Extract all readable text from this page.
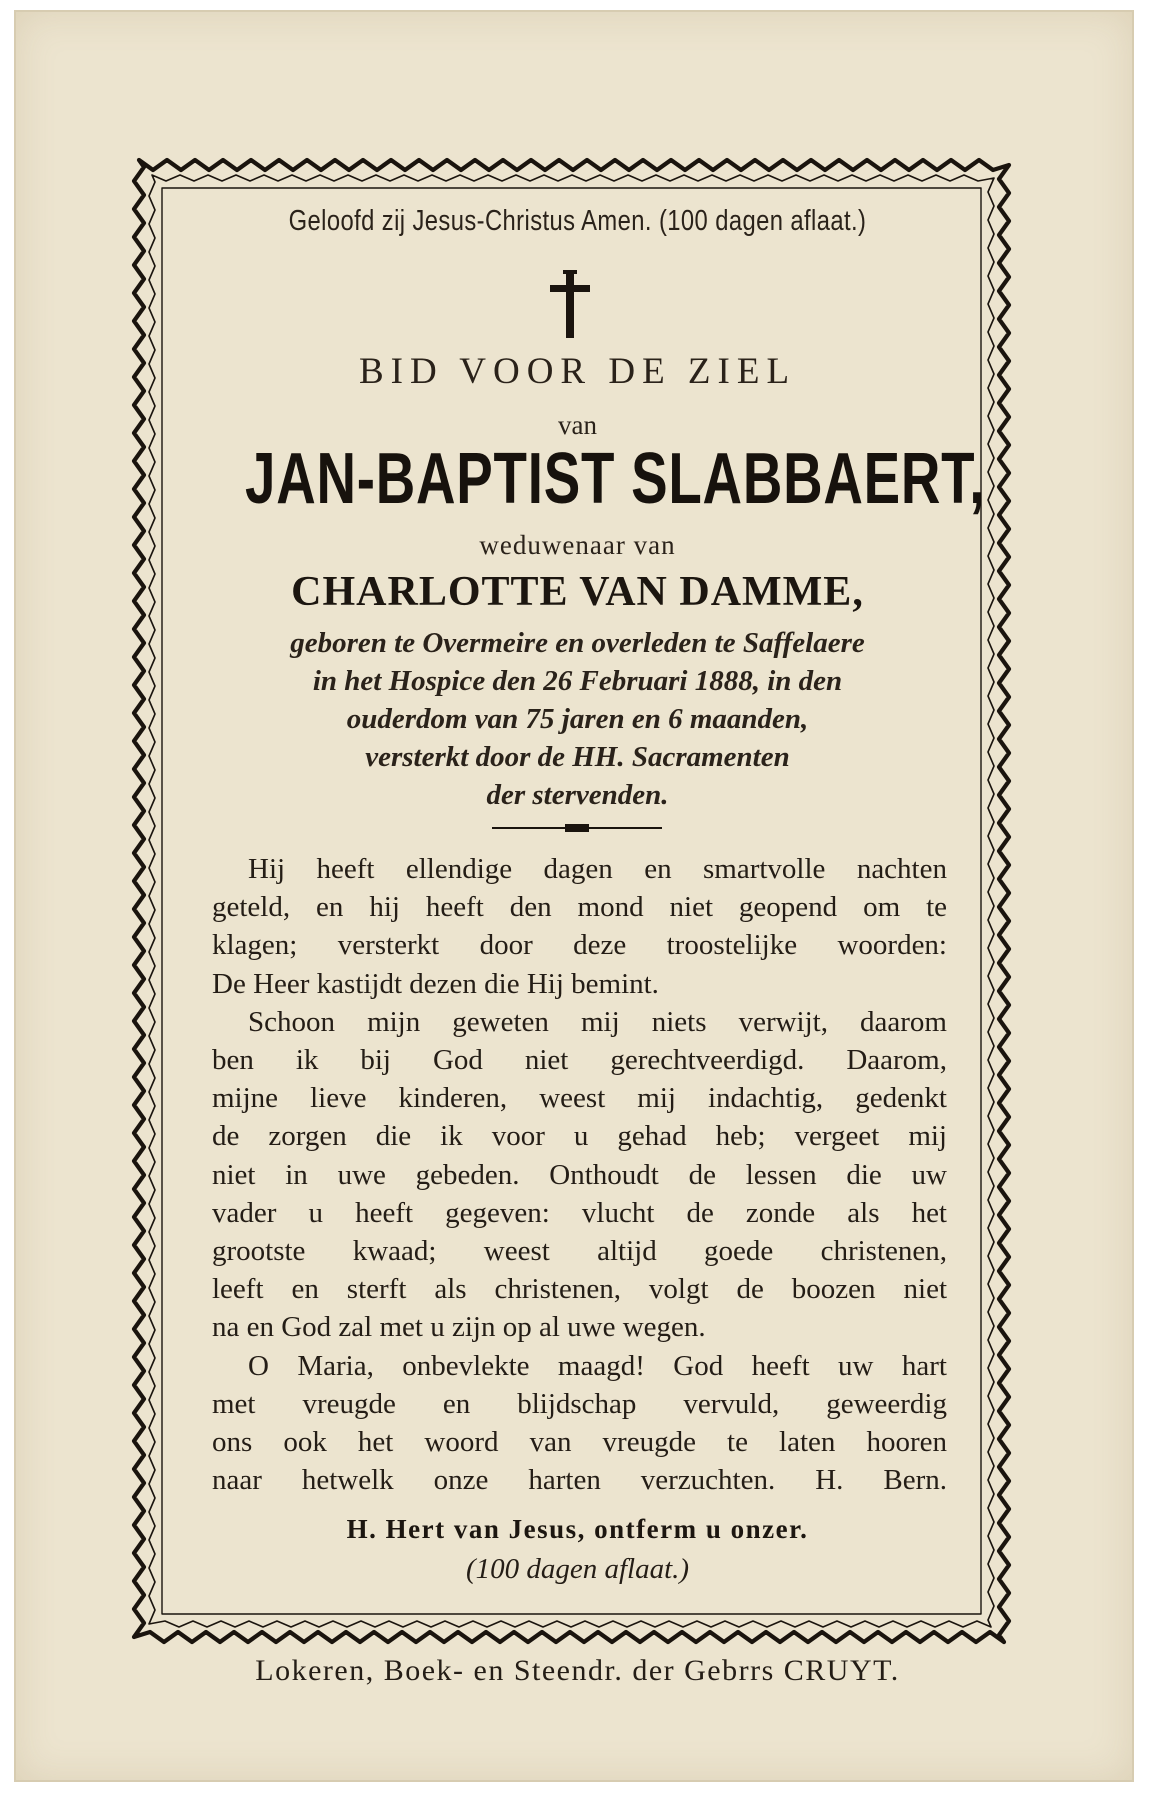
Geloofd zij Jesus-Christus Amen. (100 dagen aflaat.)
BID VOOR DE ZIEL
van
JAN-BAPTIST SLABBAERT,
weduwenaar van
CHARLOTTE VAN DAMME,
geboren te Overmeire en overleden te Saffelaere
in het Hospice den 26 Februari 1888, in den
ouderdom van 75 jaren en 6 maanden,
versterkt door de HH. Sacramenten
der stervenden.
Hij heeft ellendige dagen en smartvolle nachten
geteld, en hij heeft den mond niet geopend om te
klagen; versterkt door deze troostelijke woorden:
De Heer kastijdt dezen die Hij bemint.
Schoon mijn geweten mij niets verwijt, daarom
ben ik bij God niet gerechtveerdigd. Daarom,
mijne lieve kinderen, weest mij indachtig, gedenkt
de zorgen die ik voor u gehad heb; vergeet mij
niet in uwe gebeden. Onthoudt de lessen die uw
vader u heeft gegeven: vlucht de zonde als het
grootste kwaad; weest altijd goede christenen,
leeft en sterft als christenen, volgt de boozen niet
na en God zal met u zijn op al uwe wegen.
O Maria, onbevlekte maagd! God heeft uw hart
met vreugde en blijdschap vervuld, geweerdig
ons ook het woord van vreugde te laten hooren
naar hetwelk onze harten verzuchten. H. Bern.
H. Hert van Jesus, ontferm u onzer.
(100 dagen aflaat.)
Lokeren, Boek- en Steendr. der Gebrrs CRUYT.
